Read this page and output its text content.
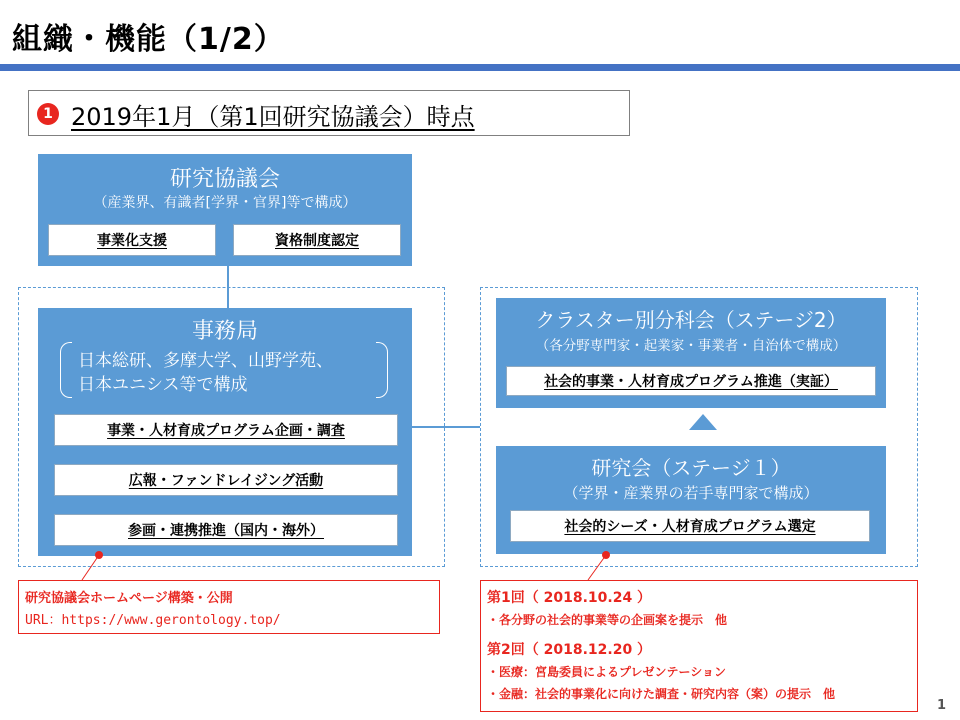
組織・機能（1/2）
1 2019年1月（第1回研究協議会）時点
研究協議会
（産業界、有識者[学界・官界]等で構成）
事業化支援	資格制度認定
事務局
日本総研、多摩大学、山野学苑、
日本ユニシス等で構成
事業・人材育成プログラム企画・調査
広報・ファンドレイジング活動
参画・連携推進（国内・海外）
クラスター別分科会（ステージ2）
（各分野専門家・起業家・事業者・自治体で構成）
社会的事業・人材育成プログラム推進（実証）
研究会（ステージ１）
（学界・産業界の若手専門家で構成）
社会的シーズ・人材育成プログラム選定
研究協議会ホームページ構築・公開
URL：https://www.gerontology.top/
第1回（ 2018.10.24 ）
・各分野の社会的事業等の企画案を提示　他
第2回（ 2018.12.20 ）
・医療：宮島委員によるプレゼンテーション
・金融：社会的事業化に向けた調査・研究内容（案）の提示　他
1
